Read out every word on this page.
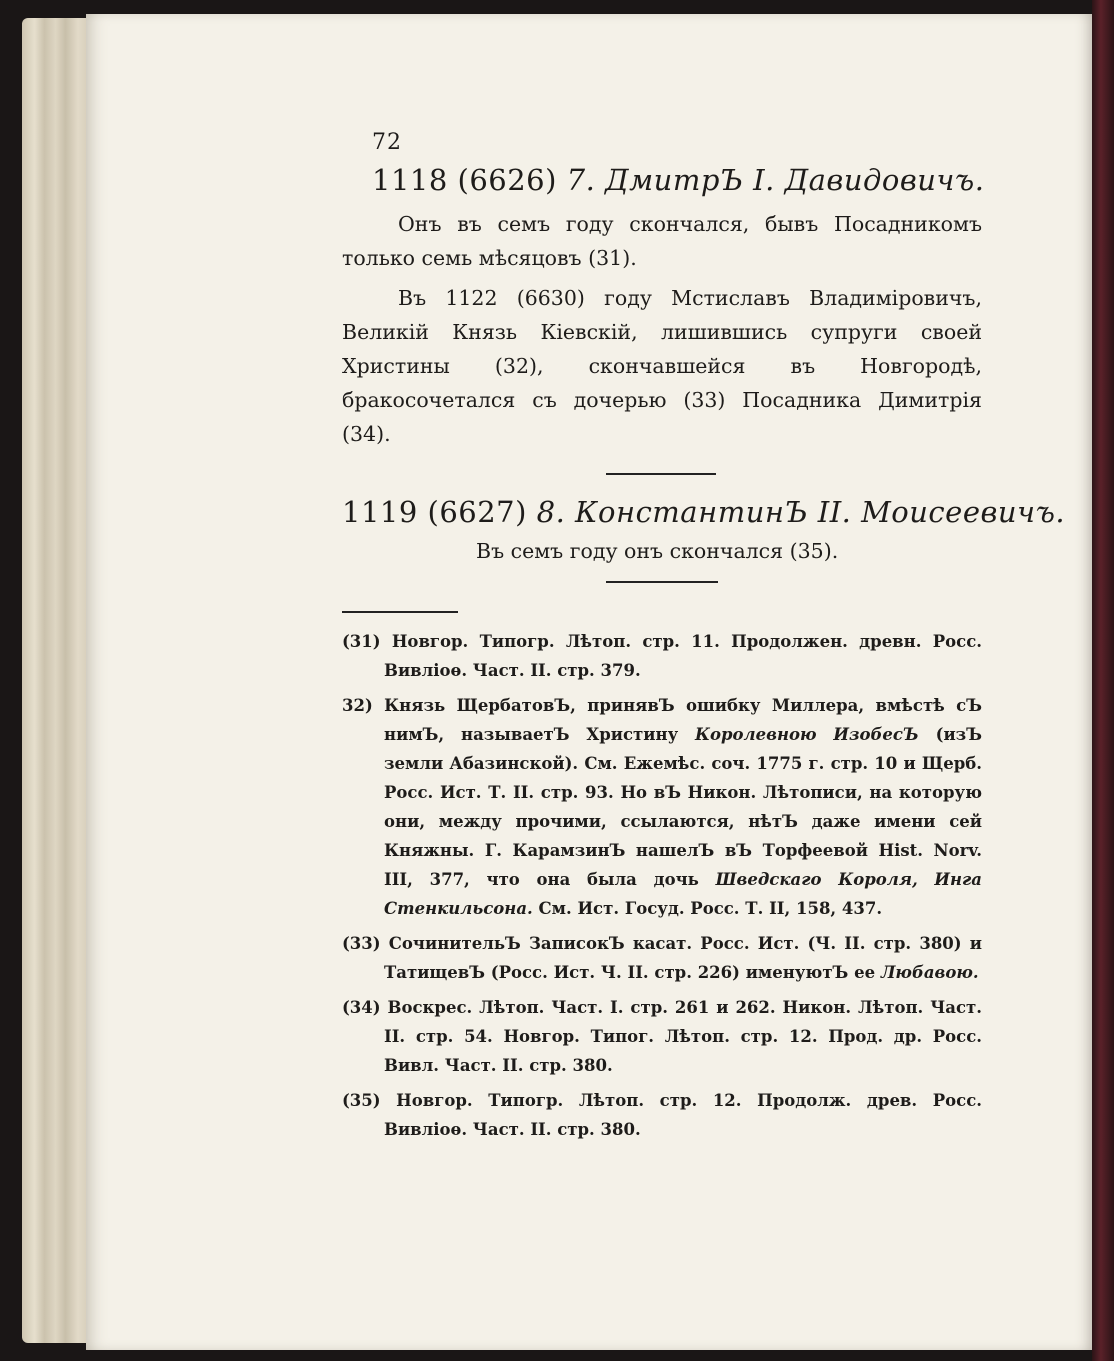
72
1118 (6626) 7. ДмитрЪ I. Давидовичъ.

Онъ въ семъ году скончался, бывъ Посадникомъ только семь мѣсяцовъ (31).

Въ 1122 (6630) году Мстиславъ Владиміровичъ, Великій Князь Кіевскій, лишившись супруги своей Христины (32), скончавшейся въ Новгородѣ, бракосочетался съ дочерью (33) Посадника Димитрія (34).

1119 (6627) 8. КонстантинЪ II. Моисеевичъ.
Въ семъ году онъ скончался (35).

(31) Новгор. Типогр. Лѣтоп. стр. 11. Продолжен. древн. Росс. Вивліоѳ. Част. II. стр. 379.

32) Князь ЩербатовЪ, принявЪ ошибку Миллера, вмѣстѣ сЪ нимЪ, называетЪ Христину Королевною ИзобесЪ (изЪ земли Абазинской). См. Ежемѣс. соч. 1775 г. стр. 10 и Щерб. Росс. Ист. Т. II. стр. 93. Но вЪ Никон. Лѣтописи, на которую они, между прочими, ссылаются, нѣтЪ даже имени сей Княжны. Г. КарамзинЪ нашелЪ вЪ Торфеевой Hist. Norv. III, 377, что она была дочь Шведскаго Короля, Инга Стенкильсона. См. Ист. Госуд. Росс. Т. II, 158, 437.

(33) СочинительЪ ЗаписокЪ касат. Росс. Ист. (Ч. II. стр. 380) и ТатищевЪ (Росс. Ист. Ч. II. стр. 226) именуютЪ ее Любавою.

(34) Воскрес. Лѣтоп. Част. I. стр. 261 и 262. Никон. Лѣтоп. Част. II. стр. 54. Новгор. Типог. Лѣтоп. стр. 12. Прод. др. Росс. Вивл. Част. II. стр. 380.

(35) Новгор. Типогр. Лѣтоп. стр. 12. Продолж. древ. Росс. Вивліоѳ. Част. II. стр. 380.
